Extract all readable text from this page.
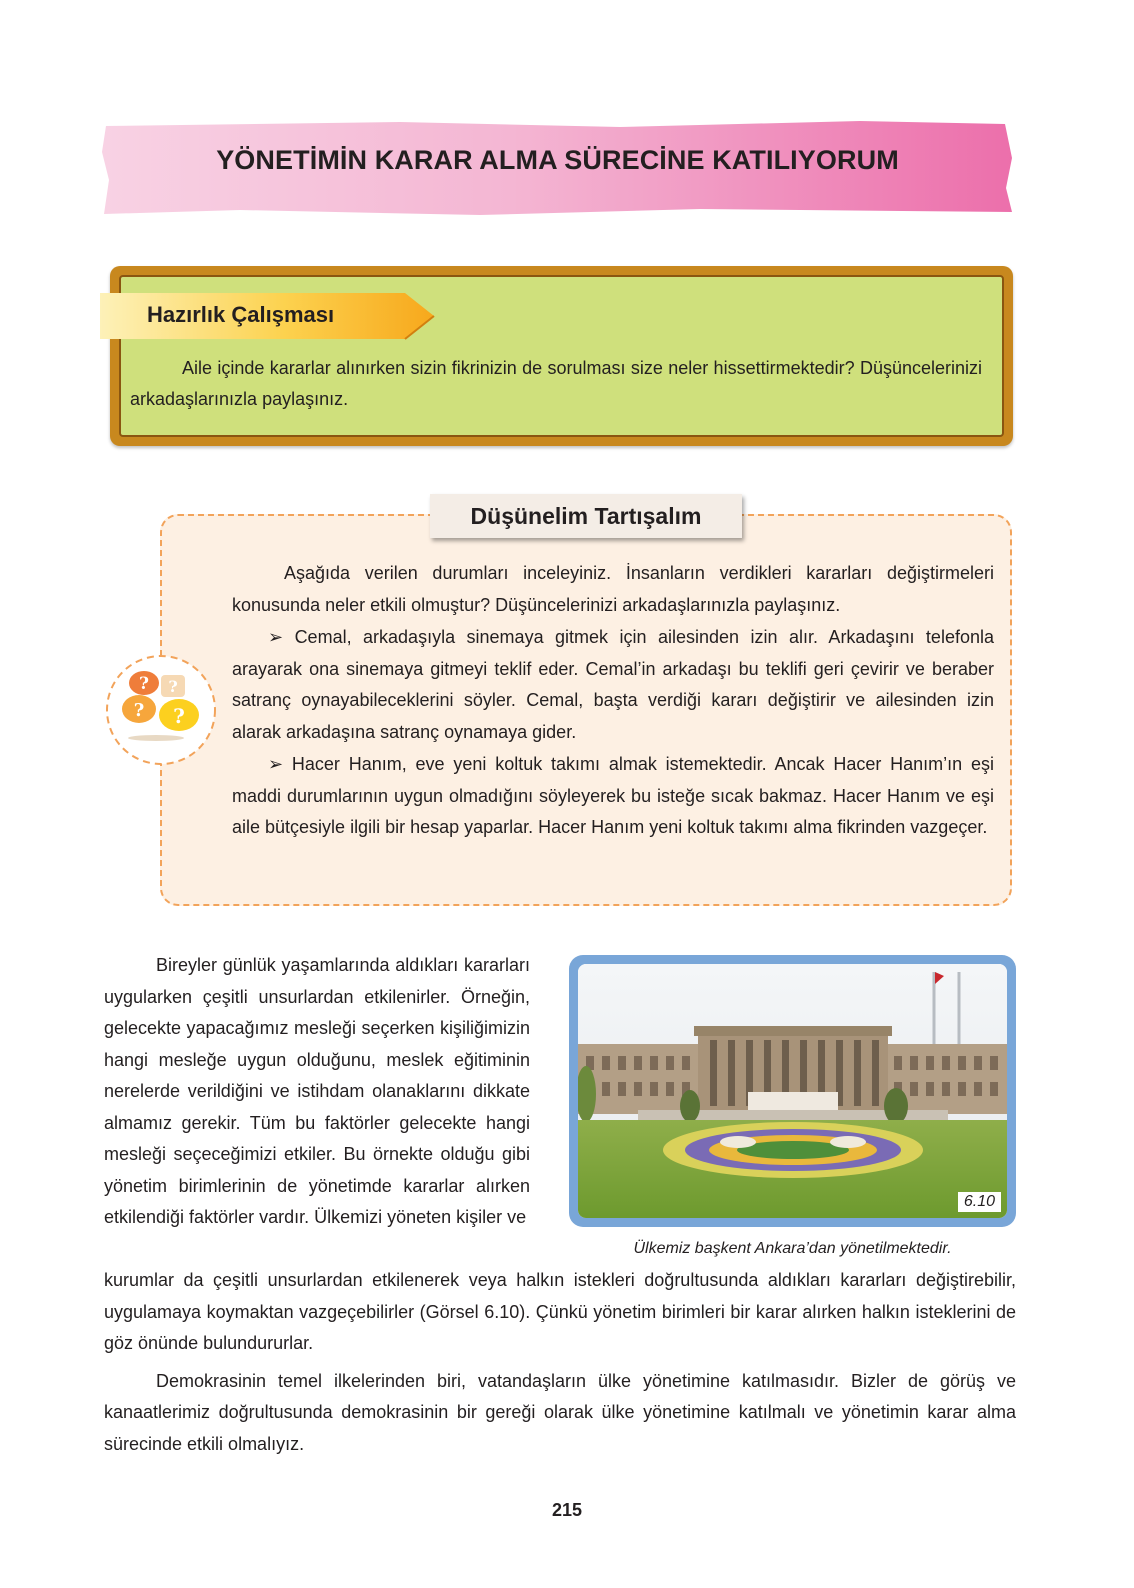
YÖNETİMİN KARAR ALMA SÜRECİNE KATILIYORUM
Hazırlık Çalışması
Aile içinde kararlar alınırken sizin fikrinizin de sorulması size neler hissettirmektedir? Düşüncelerinizi arkadaşlarınızla paylaşınız.
Düşünelim Tartışalım
? ?
? ?

Aşağıda verilen durumları inceleyiniz. İnsanların verdikleri kararları değiştirmeleri konusunda neler etkili olmuştur? Düşüncelerinizi arkadaşlarınızla paylaşınız.

➢ Cemal, arkadaşıyla sinemaya gitmek için ailesinden izin alır. Arkadaşını telefonla arayarak ona sinemaya gitmeyi teklif eder. Cemal’in arkadaşı bu teklifi geri çevirir ve beraber satranç oynayabileceklerini söyler. Cemal, başta verdiği kararı değiştirir ve ailesinden izin alarak arkadaşına satranç oynamaya gider.

➢ Hacer Hanım, eve yeni koltuk takımı almak istemektedir. Ancak Hacer Hanım’ın eşi maddi durumlarının uygun olmadığını söyleyerek bu isteğe sıcak bakmaz. Hacer Hanım ve eşi aile bütçesiyle ilgili bir hesap yaparlar. Hacer Hanım yeni koltuk takımı alma fikrinden vazgeçer.

Bireyler günlük yaşamlarında aldıkları kararları uygularken çeşitli unsurlardan etkilenirler. Örneğin, gelecekte yapacağımız mesleği seçerken kişiliğimizin hangi mesleğe uygun olduğunu, meslek eğitiminin nerelerde verildiğini ve istihdam olanaklarını dikkate almamız gerekir. Tüm bu faktörler gelecekte hangi mesleği seçeceğimizi etkiler. Bu örnekte olduğu gibi yönetim birimlerinin de yönetimde kararlar alırken etkilendiği faktörler vardır. Ülkemizi yöneten kişiler ve

6.10
Ülkemiz başkent Ankara’dan yönetilmektedir.

kurumlar da çeşitli unsurlardan etkilenerek veya halkın istekleri doğrultusunda aldıkları kararları değiştirebilir, uygulamaya koymaktan vazgeçebilirler (Görsel 6.10). Çünkü yönetim birimleri bir karar alırken halkın isteklerini de göz önünde bulundururlar.

Demokrasinin temel ilkelerinden biri, vatandaşların ülke yönetimine katılmasıdır. Bizler de görüş ve kanaatlerimiz doğrultusunda demokrasinin bir gereği olarak ülke yönetimine katılmalı ve yönetimin karar alma sürecinde etkili olmalıyız.

215
